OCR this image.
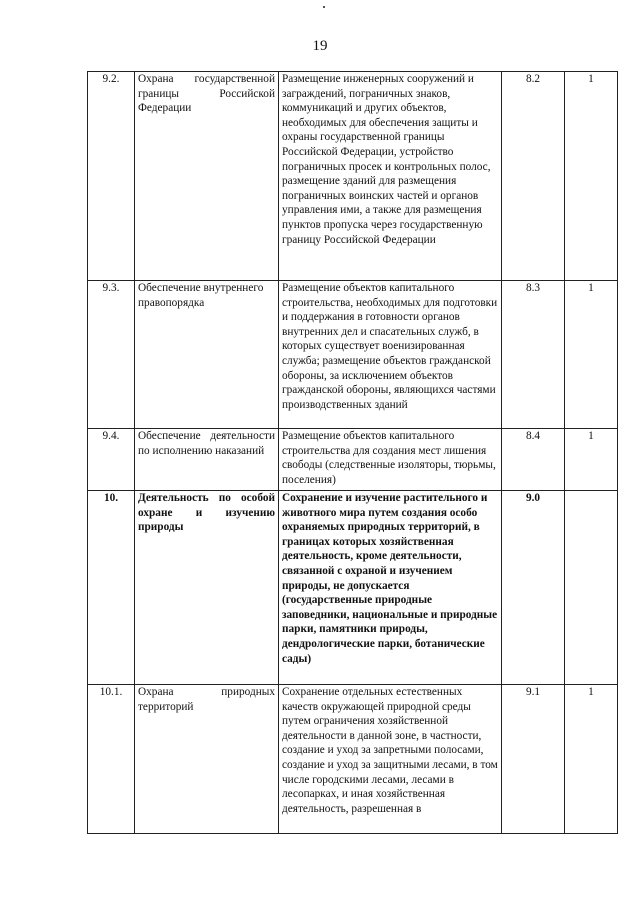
19
9.2.	Охрана государственной границы Российской Федерации	Размещение инженерных сооружений и заграждений, пограничных знаков, коммуникаций и других объектов, необходимых для обеспечения защиты и охраны государственной границы Российской Федерации, устройство пограничных просек и контрольных полос, размещение зданий для размещения пограничных воинских частей и органов управления ими, а также для размещения пунктов пропуска через государственную границу Российской Федерации	8.2	1
9.3.	Обеспечение внутреннего правопорядка	Размещение объектов капитального строительства, необходимых для подготовки и поддержания в готовности органов внутренних дел и спасательных служб, в которых существует военизированная служба; размещение объектов гражданской обороны, за исключением объектов гражданской обороны, являющихся частями производственных зданий	8.3	1
9.4.	Обеспечение деятельности по исполнению наказаний	Размещение объектов капитального строительства для создания мест лишения свободы (следственные изоляторы, тюрьмы, поселения)	8.4	1
10.	Деятельность по особой охране и изучению природы	Сохранение и изучение растительного и животного мира путем создания особо охраняемых природных территорий, в границах которых хозяйственная деятельность, кроме деятельности, связанной с охраной и изучением природы, не допускается (государственные природные заповедники, национальные и природные парки, памятники природы, дендрологические парки, ботанические сады)	9.0	
10.1.	Охрана природных территорий	Сохранение отдельных естественных качеств окружающей природной среды путем ограничения хозяйственной деятельности в данной зоне, в частности, создание и уход за запретными полосами, создание и уход за защитными лесами, в том числе городскими лесами, лесами в лесопарках, и иная хозяйственная деятельность, разрешенная в	9.1	1
